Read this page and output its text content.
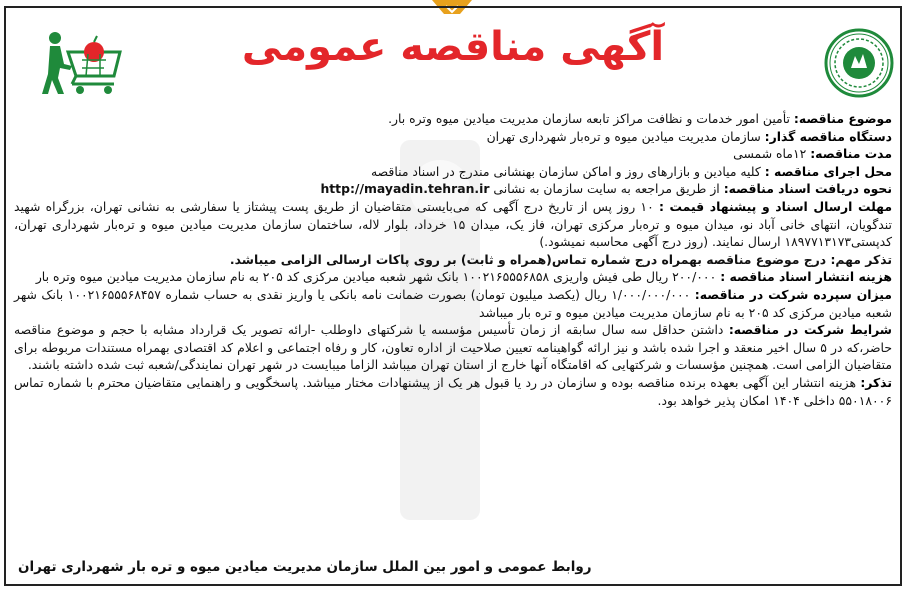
آگهی مناقصه عمومی
موضوع مناقصه: تأمین امور خدمات و نظافت مراکز تابعه سازمان مدیریت میادین میوه وتره بار.
دستگاه مناقصه گذار: سازمان مدیریت میادین میوه و تره‌بار شهرداری تهران
مدت مناقصه: ۱۲ماه شمسی
محل اجرای مناقصه : کلیه میادین و بازارهای روز و اماکن سازمان بهنشانی مندرج در اسناد مناقصه
نحوه دریافت اسناد مناقصه: از طریق مراجعه به سایت سازمان به نشانی http://mayadin.tehran.ir
مهلت ارسال اسناد و پیشنهاد قیمت : ۱۰ روز پس از تاریخ درج آگهی که می‌بایستی متقاضیان از طریق پست پیشتاز یا سفارشی به نشانی تهران، بزرگراه شهید تندگویان، انتهای خانی آباد نو، میدان میوه و تره‌بار مرکزی تهران، فاز یک، میدان ۱۵ خرداد، بلوار لاله، ساختمان سازمان مدیریت میادین میوه و تره‌بار شهرداری تهران، کدپستی۱۸۹۷۷۱۳۱۷۳ ارسال نمایند. (روز درج آگهی محاسبه نمیشود.)
تذکر مهم: درج موضوع مناقصه بهمراه درج شماره تماس(همراه و ثابت) بر روی پاکات ارسالی الزامی میباشد.
هزینه انتشار اسناد مناقصه : ۲۰۰/۰۰۰ ریال طی فیش واریزی ۱۰۰۲۱۶۵۵۵۶۸۵۸ بانک شهر شعبه میادین مرکزی کد ۲۰۵ به نام سازمان مدیریت میادین میوه وتره بار
میزان سپرده شرکت در مناقصه: ۱/۰۰۰/۰۰۰/۰۰۰ ریال (یکصد میلیون تومان) بصورت ضمانت نامه بانکی یا واریز نقدی به حساب شماره ۱۰۰۲۱۶۵۵۵۶۸۴۵۷ بانک شهر شعبه میادین مرکزی کد ۲۰۵ به نام سازمان مدیریت میادین میوه و تره بار میباشد
شرایط شرکت در مناقصه: داشتن حداقل سه سال سابقه از زمان تأسیس مؤسسه یا شرکتهای داوطلب -ارائه تصویر یک قرارداد مشابه با حجم و موضوع مناقصه حاضر،که در ۵ سال اخیر منعقد و اجرا شده باشد و نیز ارائه گواهینامه تعیین صلاحیت از اداره تعاون، کار و رفاه اجتماعی و اعلام کد اقتصادی بهمراه مستندات مربوطه برای متقاضیان الزامی است. همچنین مؤسسات و شرکتهایی که اقامتگاه آنها خارج از استان تهران میباشد الزاما میبایست در شهر تهران نمایندگی/شعبه ثبت شده داشته باشند.
تذکر: هزینه انتشار این آگهی بعهده برنده مناقصه بوده و سازمان در رد یا قبول هر یک از پیشنهادات مختار میباشد. پاسخگویی و راهنمایی متقاضیان محترم با شماره تماس ۵۵۰۱۸۰۰۶ داخلی ۱۴۰۴ امکان پذیر خواهد بود.
روابط عمومی و امور بین الملل سازمان مدیریت میادین میوه و تره بار شهرداری تهران
